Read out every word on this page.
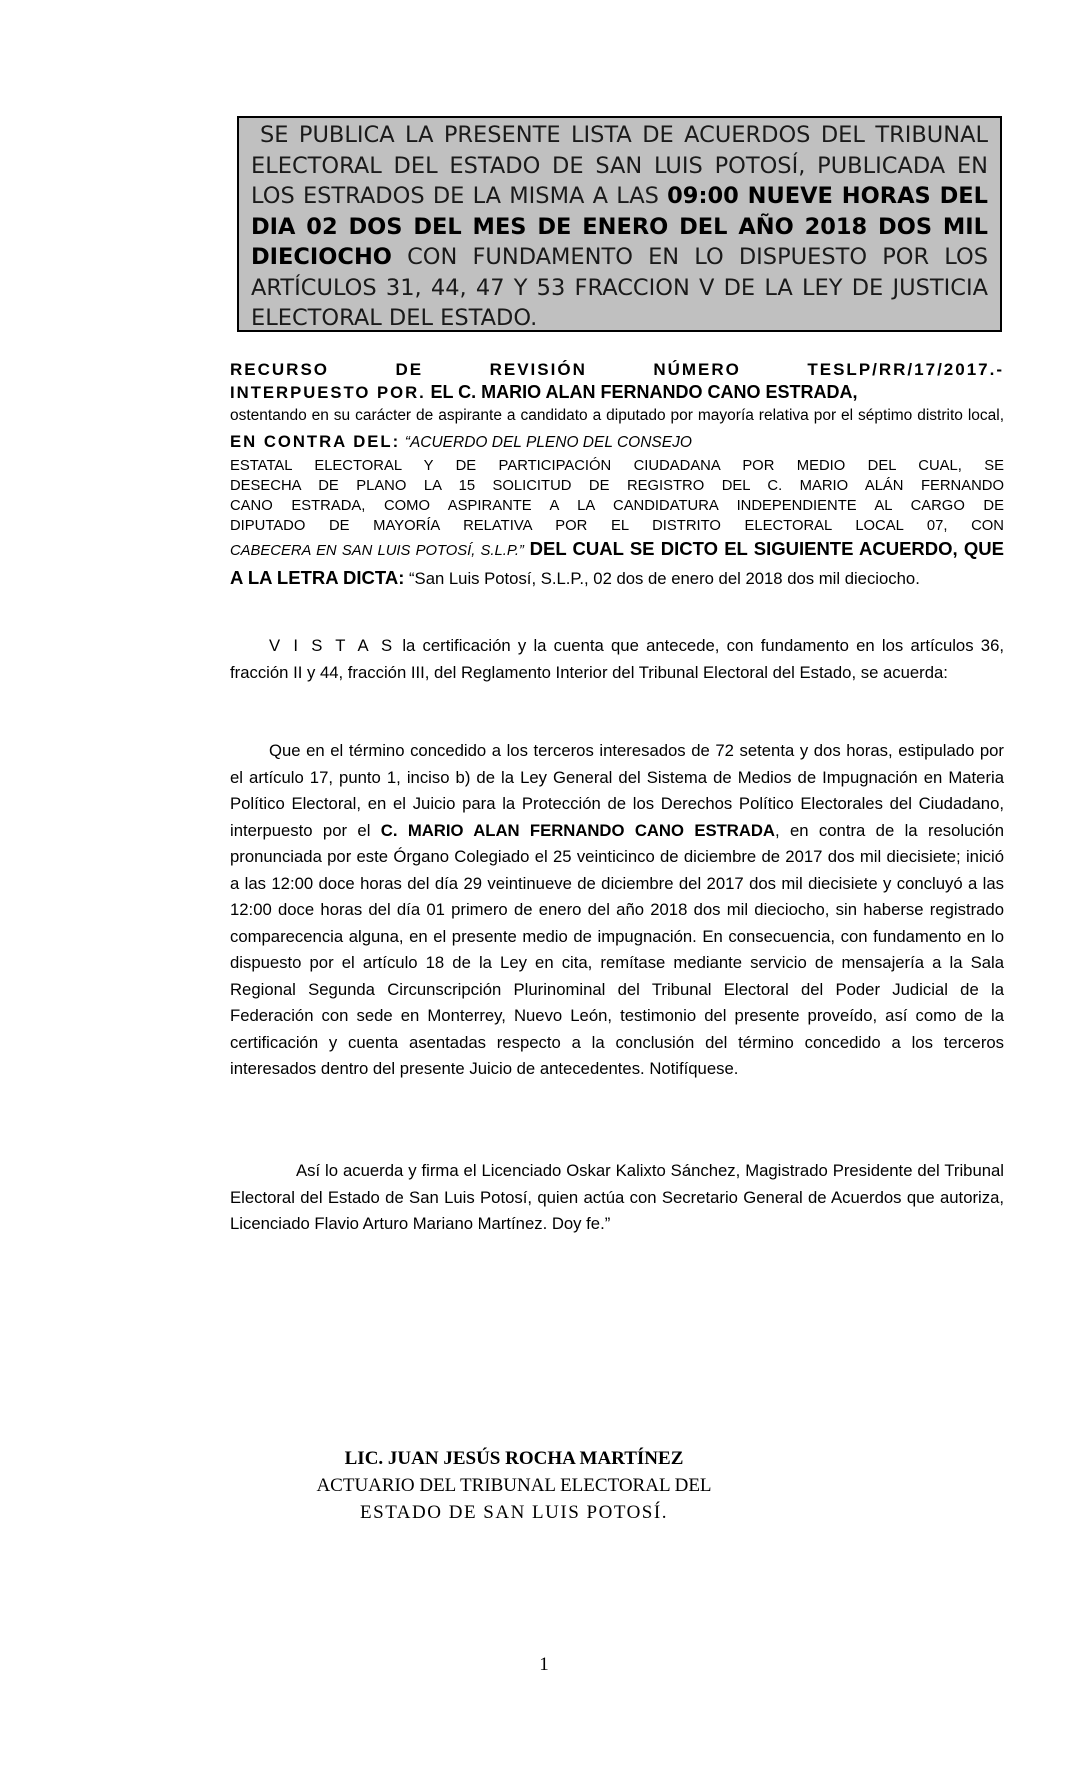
SE PUBLICA LA PRESENTE LISTA DE ACUERDOS DEL TRIBUNAL ELECTORAL DEL ESTADO DE SAN LUIS POTOSÍ, PUBLICADA EN LOS ESTRADOS DE LA MISMA A LAS 09:00 NUEVE HORAS DEL DIA 02 DOS DEL MES DE ENERO DEL AÑO 2018 DOS MIL DIECIOCHO CON FUNDAMENTO EN LO DISPUESTO POR LOS ARTÍCULOS 31, 44, 47 Y 53 FRACCION V DE LA LEY DE JUSTICIA ELECTORAL DEL ESTADO.
RECURSO DE REVISIÓN NÚMERO TESLP/RR/17/2017.-
INTERPUESTO POR. EL C. MARIO ALAN FERNANDO CANO ESTRADA,
ostentando en su carácter de aspirante a candidato a diputado por mayoría relativa por el séptimo distrito local, EN CONTRA DEL: “ACUERDO DEL PLENO DEL CONSEJO
ESTATAL ELECTORAL Y DE PARTICIPACIÓN CIUDADANA POR MEDIO DEL CUAL, SE
DESECHA DE PLANO LA 15 SOLICITUD DE REGISTRO DEL C. MARIO ALÁN FERNANDO
CANO ESTRADA, COMO ASPIRANTE A LA CANDIDATURA INDEPENDIENTE AL CARGO DE
DIPUTADO DE MAYORÍA RELATIVA POR EL DISTRITO ELECTORAL LOCAL 07, CON
CABECERA EN SAN LUIS POTOSÍ, S.L.P.” DEL CUAL SE DICTO EL SIGUIENTE ACUERDO, QUE A LA LETRA DICTA: “San Luis Potosí, S.L.P., 02 dos de enero del 2018 dos mil dieciocho.
V I S T A S la certificación y la cuenta que antecede, con fundamento en los artículos 36, fracción II y 44, fracción III, del Reglamento Interior del Tribunal Electoral del Estado, se acuerda:
Que en el término concedido a los terceros interesados de 72 setenta y dos horas, estipulado por el artículo 17, punto 1, inciso b) de la Ley General del Sistema de Medios de Impugnación en Materia Político Electoral, en el Juicio para la Protección de los Derechos Político Electorales del Ciudadano, interpuesto por el C. MARIO ALAN FERNANDO CANO ESTRADA, en contra de la resolución pronunciada por este Órgano Colegiado el 25 veinticinco de diciembre de 2017 dos mil diecisiete; inició a las 12:00 doce horas del día 29 veintinueve de diciembre del 2017 dos mil diecisiete y concluyó a las 12:00 doce horas del día 01 primero de enero del año 2018 dos mil dieciocho, sin haberse registrado comparecencia alguna, en el presente medio de impugnación. En consecuencia, con fundamento en lo dispuesto por el artículo 18 de la Ley en cita, remítase mediante servicio de mensajería a la Sala Regional Segunda Circunscripción Plurinominal del Tribunal Electoral del Poder Judicial de la Federación con sede en Monterrey, Nuevo León, testimonio del presente proveído, así como de la certificación y cuenta asentadas respecto a la conclusión del término concedido a los terceros interesados dentro del presente Juicio de antecedentes. Notifíquese.
Así lo acuerda y firma el Licenciado Oskar Kalixto Sánchez, Magistrado Presidente del Tribunal Electoral del Estado de San Luis Potosí, quien actúa con Secretario General de Acuerdos que autoriza, Licenciado Flavio Arturo Mariano Martínez. Doy fe.”
LIC. JUAN JESÚS ROCHA MARTÍNEZ
ACTUARIO DEL TRIBUNAL ELECTORAL DEL
ESTADO DE SAN LUIS POTOSÍ.
1
